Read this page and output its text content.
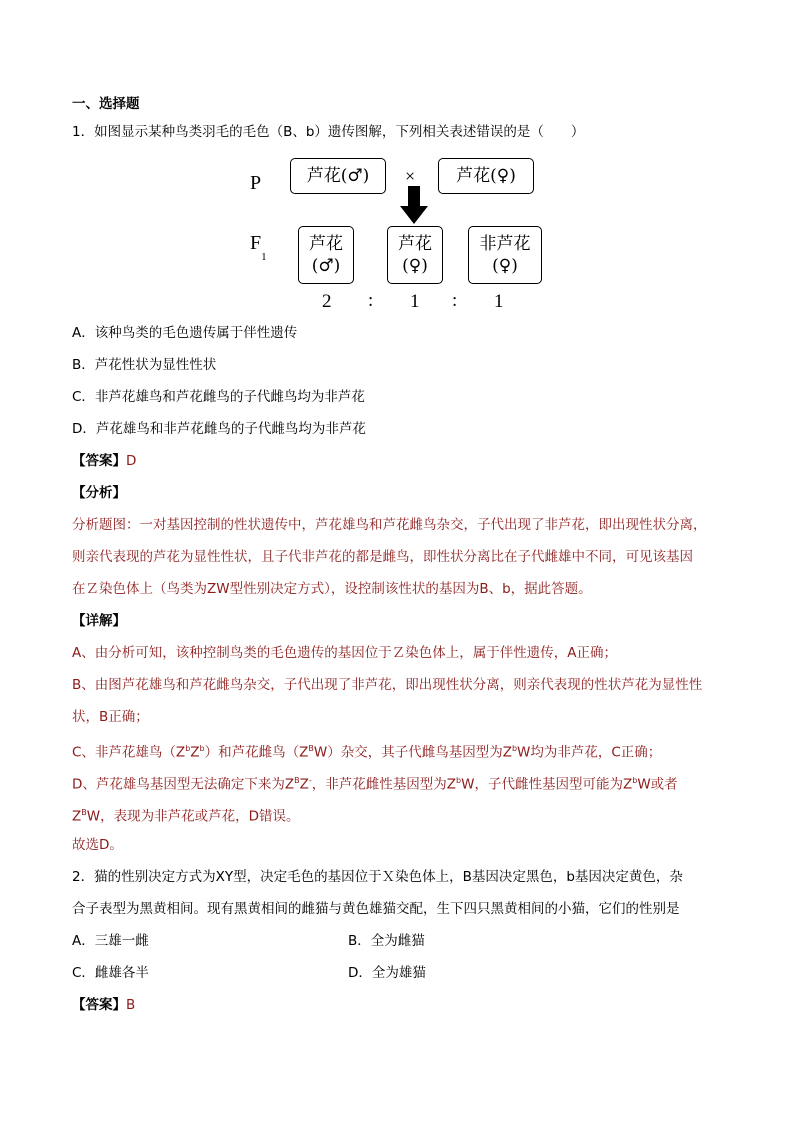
一、选择题
1．如图显示某种鸟类羽毛的毛色（B、b）遗传图解，下列相关表述错误的是（　　）
P	芦花(♂) × 芦花(♀)
$F_1$
芦花
(♂)
芦花
(♀)
非芦花
(♀)
2 : 1 : 1
A．该种鸟类的毛色遗传属于伴性遗传
B．芦花性状为显性性状
C．非芦花雄鸟和芦花雌鸟的子代雌鸟均为非芦花
D．芦花雄鸟和非芦花雌鸟的子代雌鸟均为非芦花
【答案】D
【分析】
分析题图：一对基因控制的性状遗传中，芦花雄鸟和芦花雌鸟杂交，子代出现了非芦花，即出现性状分离，
则亲代表现的芦花为显性性状，且子代非芦花的都是雌鸟，即性状分离比在子代雌雄中不同，可见该基因
在Ｚ染色体上（鸟类为ZW型性别决定方式），设控制该性状的基因为B、b，据此答题。
【详解】
A、由分析可知，该种控制鸟类的毛色遗传的基因位于Ｚ染色体上，属于伴性遗传，A正确；
B、由图芦花雄鸟和芦花雌鸟杂交，子代出现了非芦花，即出现性状分离，则亲代表现的性状芦花为显性性
状，B正确；
C、非芦花雄鸟$(Z^bZ^b)$和芦花雌鸟$(Z^BW)$杂交，其子代雌鸟基因型为$Z^bW$均为非芦花，C正确；
D、芦花雄鸟基因型无法确定下来为$Z^BZ^-$，非芦花雌性基因型为$Z^bW$，子代雌性基因型可能为$Z^bW$或者
$Z^BW$，表现为非芦花或芦花，D错误。
故选D。
2．猫的性别决定方式为XY型，决定毛色的基因位于Ｘ染色体上，B基因决定黑色，b基因决定黄色，杂
合子表型为黑黄相间。现有黑黄相间的雌猫与黄色雄猫交配，生下四只黑黄相间的小猫，它们的性别是
A．三雄一雌	B．全为雌猫
C．雌雄各半	D．全为雄猫
【答案】B
